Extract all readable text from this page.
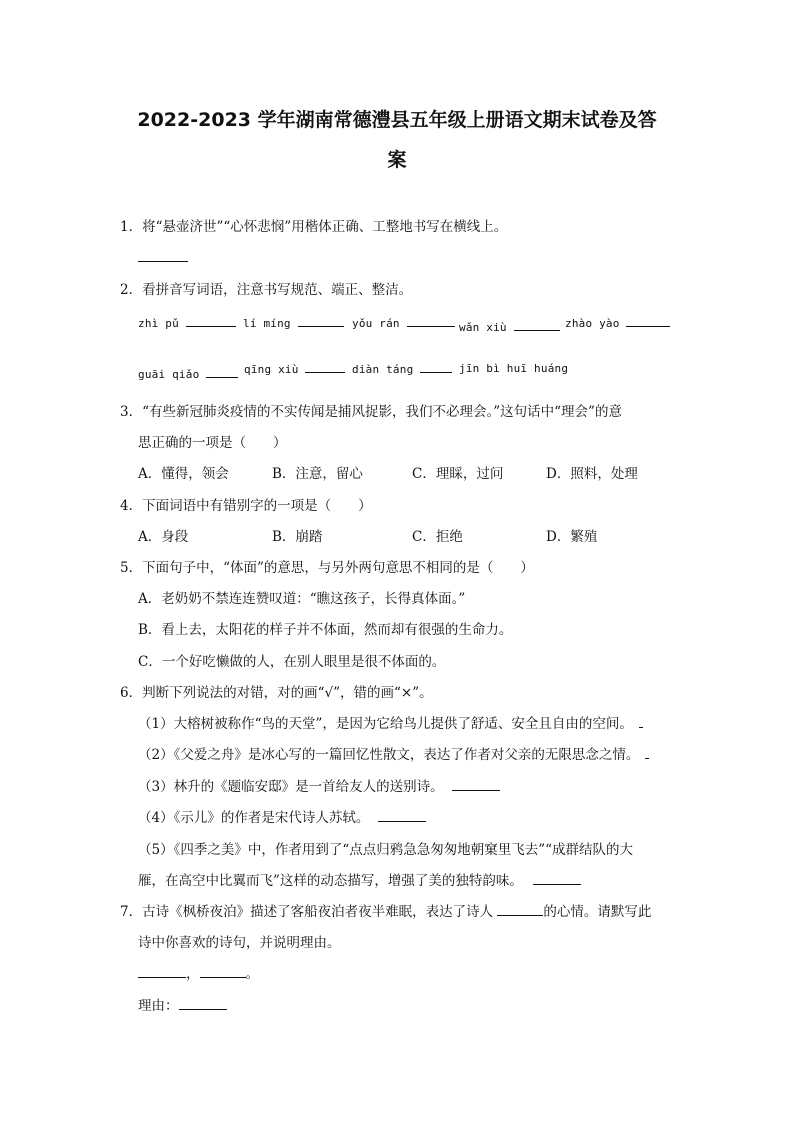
2022-2023 学年湖南常德澧县五年级上册语文期末试卷及答
案
1．将“悬壶济世”“心怀悲悯”用楷体正确、工整地书写在横线上。
2．看拼音写词语，注意书写规范、端正、整洁。
zhì pǔ	lí míng	yǒu rán	wǎn xiù	zhào yào
guāi qiǎo	qīng xiù	diàn táng	jīn bì huī huáng
3．“有些新冠肺炎疫情的不实传闻是捕风捉影，我们不必理会。”这句话中“理会”的意
思正确的一项是（　　）
A．懂得，领会	B．注意，留心	C．理睬，过问	D．照料，处理
4．下面词语中有错别字的一项是（　　）
A．身段	B．崩踏	C．拒绝	D．繁殖
5．下面句子中，“体面”的意思，与另外两句意思不相同的是（　　）
A．老奶奶不禁连连赞叹道：“瞧这孩子，长得真体面。”
B．看上去，太阳花的样子并不体面，然而却有很强的生命力。
C．一个好吃懒做的人，在别人眼里是很不体面的。
6．判断下列说法的对错，对的画“√”，错的画“×”。
（1）大榕树被称作“鸟的天堂”，是因为它给鸟儿提供了舒适、安全且自由的空间。
（2）《父爱之舟》是冰心写的一篇回忆性散文，表达了作者对父亲的无限思念之情。
（3）林升的《题临安邸》是一首给友人的送别诗。
（4）《示儿》的作者是宋代诗人苏轼。
（5）《四季之美》中，作者用到了“点点归鸦急急匆匆地朝窠里飞去”“成群结队的大
雁，在高空中比翼而飞”这样的动态描写，增强了美的独特韵味。
7．古诗《枫桥夜泊》描述了客船夜泊者夜半难眠，表达了诗人	的心情。请默写此
诗中你喜欢的诗句，并说明理由。
，	。
理由：
